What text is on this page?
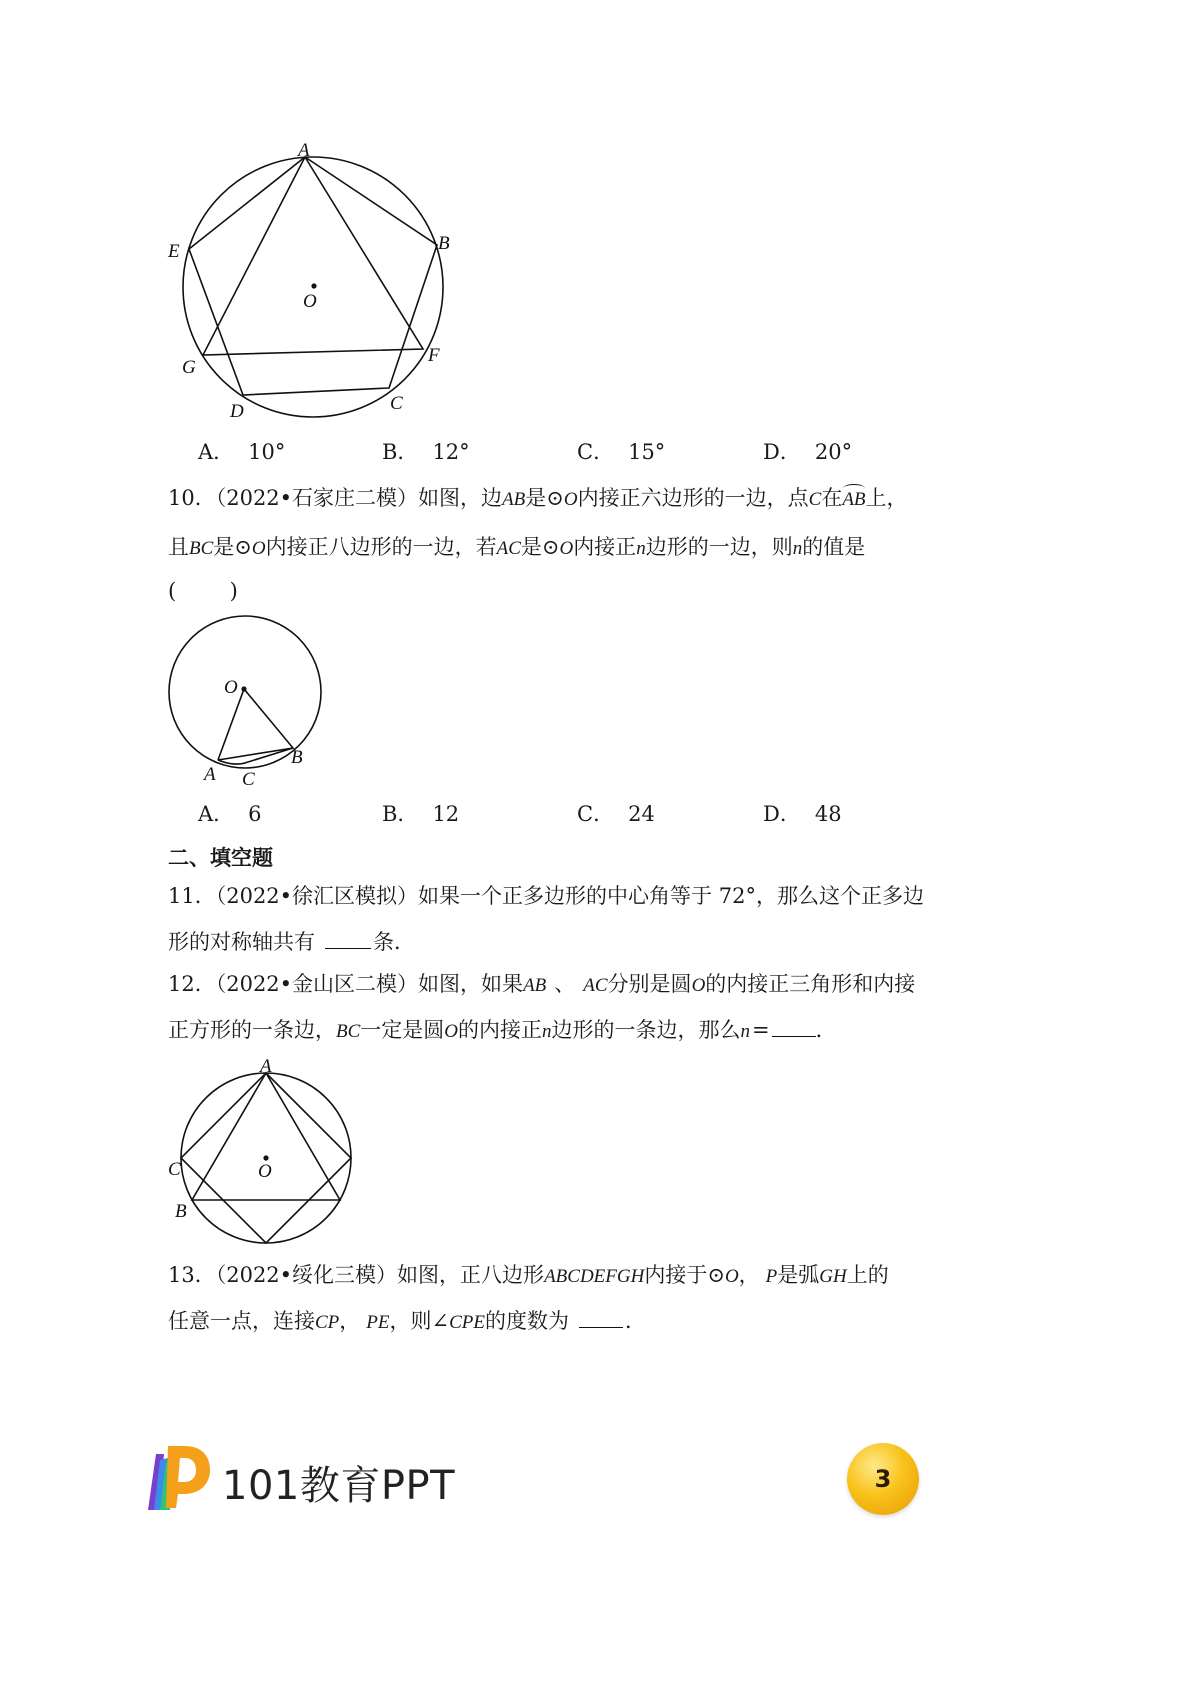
A
B
E
O
F
G
C
D
A． 10°	B． 12°	C． 15°	D． 20°
10．（2022•石家庄二模）如图，边AB是⊙O内接正六边形的一边，点C在AB上，
且BC是⊙O内接正八边形的一边，若AC是⊙O内接正n边形的一边，则n的值是
(        )
O
A
B
C
A． 6	B． 12	C． 24	D． 48
二、填空题
11．（2022•徐汇区模拟）如果一个正多边形的中心角等于 72°，那么这个正多边
形的对称轴共有	条．
12．（2022•金山区二模）如图，如果AB 、 AC分别是圆O的内接正三角形和内接
正方形的一条边，BC一定是圆O的内接正n边形的一条边，那么n= ．
A
C	O
B
13．（2022•绥化三模）如图，正八边形ABCDEFGH内接于⊙O， P是弧GH上的
任意一点，连接CP， PE，则∠CPE的度数为	．
101教育PPT	3
